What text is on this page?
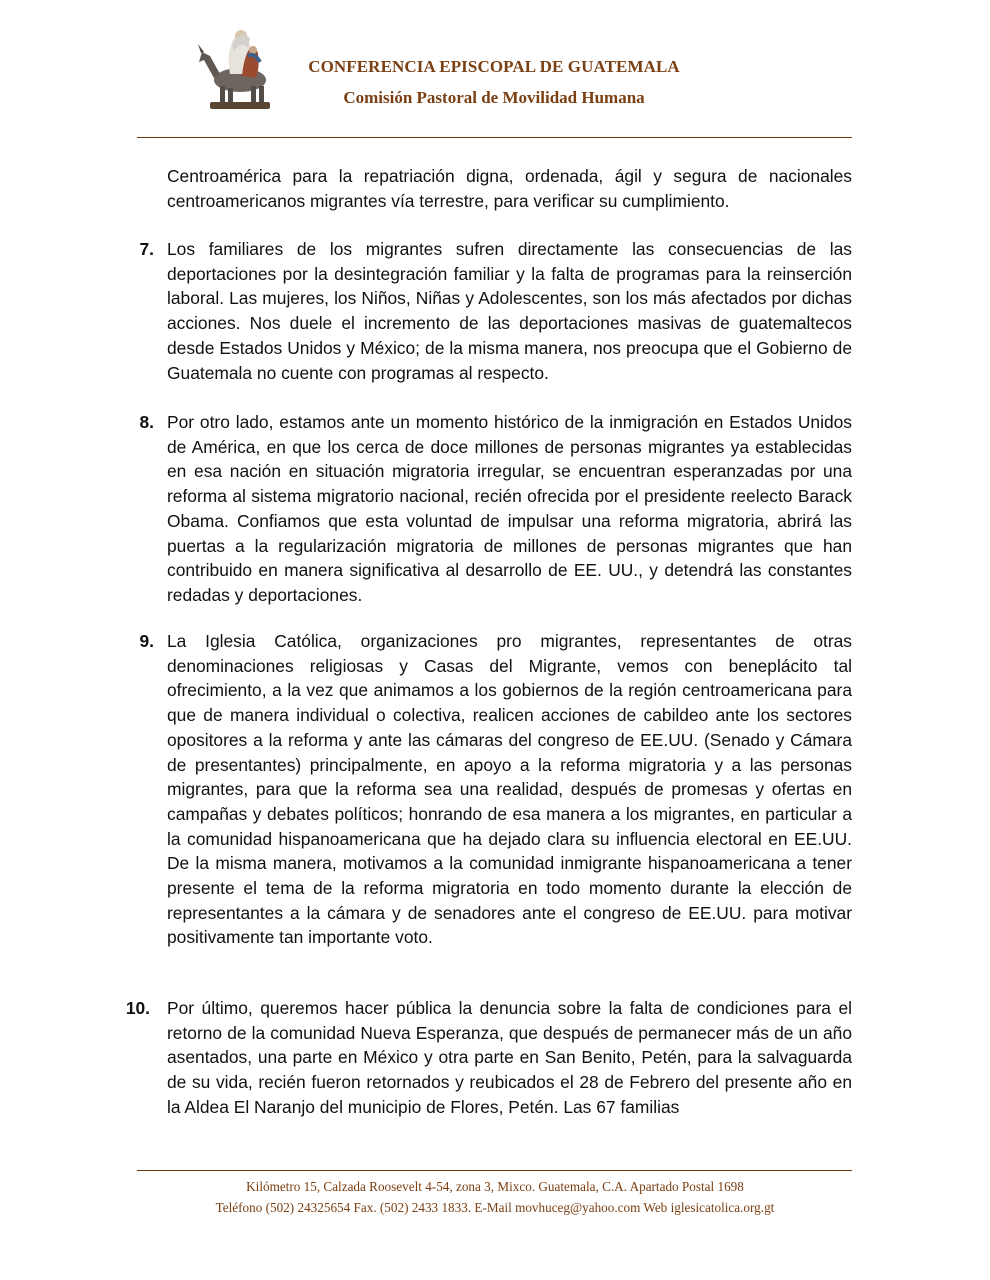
CONFERENCIA EPISCOPAL DE GUATEMALA
Comisión Pastoral de Movilidad Humana

Centroamérica para la repatriación digna, ordenada, ágil y segura de nacionales centroamericanos migrantes vía terrestre, para verificar su cumplimiento.

7. Los familiares de los migrantes sufren directamente las consecuencias de las deportaciones por la desintegración familiar y la falta de programas para la reinserción laboral. Las mujeres, los Niños, Niñas y Adolescentes, son los más afectados por dichas acciones. Nos duele el incremento de las deportaciones masivas de guatemaltecos desde Estados Unidos y México; de la misma manera, nos preocupa que el Gobierno de Guatemala no cuente con programas al respecto.

8. Por otro lado, estamos ante un momento histórico de la inmigración en Estados Unidos de América, en que los cerca de doce millones de personas migrantes ya establecidas en esa nación en situación migratoria irregular, se encuentran esperanzadas por una reforma al sistema migratorio nacional, recién ofrecida por el presidente reelecto Barack Obama. Confiamos que esta voluntad de impulsar una reforma migratoria, abrirá las puertas a la regularización migratoria de millones de personas migrantes que han contribuido en manera significativa al desarrollo de EE. UU., y detendrá las constantes redadas y deportaciones.

9. La Iglesia Católica, organizaciones pro migrantes, representantes de otras denominaciones religiosas y Casas del Migrante, vemos con beneplácito tal ofrecimiento, a la vez que animamos a los gobiernos de la región centroamericana para que de manera individual o colectiva, realicen acciones de cabildeo ante los sectores opositores a la reforma y ante las cámaras del congreso de EE.UU. (Senado y Cámara de presentantes) principalmente, en apoyo a la reforma migratoria y a las personas migrantes, para que la reforma sea una realidad, después de promesas y ofertas en campañas y debates políticos; honrando de esa manera a los migrantes, en particular a la comunidad hispanoamericana que ha dejado clara su influencia electoral en EE.UU. De la misma manera, motivamos a la comunidad inmigrante hispanoamericana a tener presente el tema de la reforma migratoria en todo momento durante la elección de representantes a la cámara y de senadores ante el congreso de EE.UU. para motivar positivamente tan importante voto.

10. Por último, queremos hacer pública la denuncia sobre la falta de condiciones para el retorno de la comunidad Nueva Esperanza, que después de permanecer más de un año asentados, una parte en México y otra parte en San Benito, Petén, para la salvaguarda de su vida, recién fueron retornados y reubicados el 28 de Febrero del presente año en la Aldea El Naranjo del municipio de Flores, Petén. Las 67 familias

Kilómetro 15, Calzada Roosevelt 4-54, zona 3, Mixco. Guatemala, C.A. Apartado Postal 1698
Teléfono (502) 24325654 Fax. (502) 2433 1833. E-Mail movhuceg@yahoo.com Web iglesicatolica.org.gt
